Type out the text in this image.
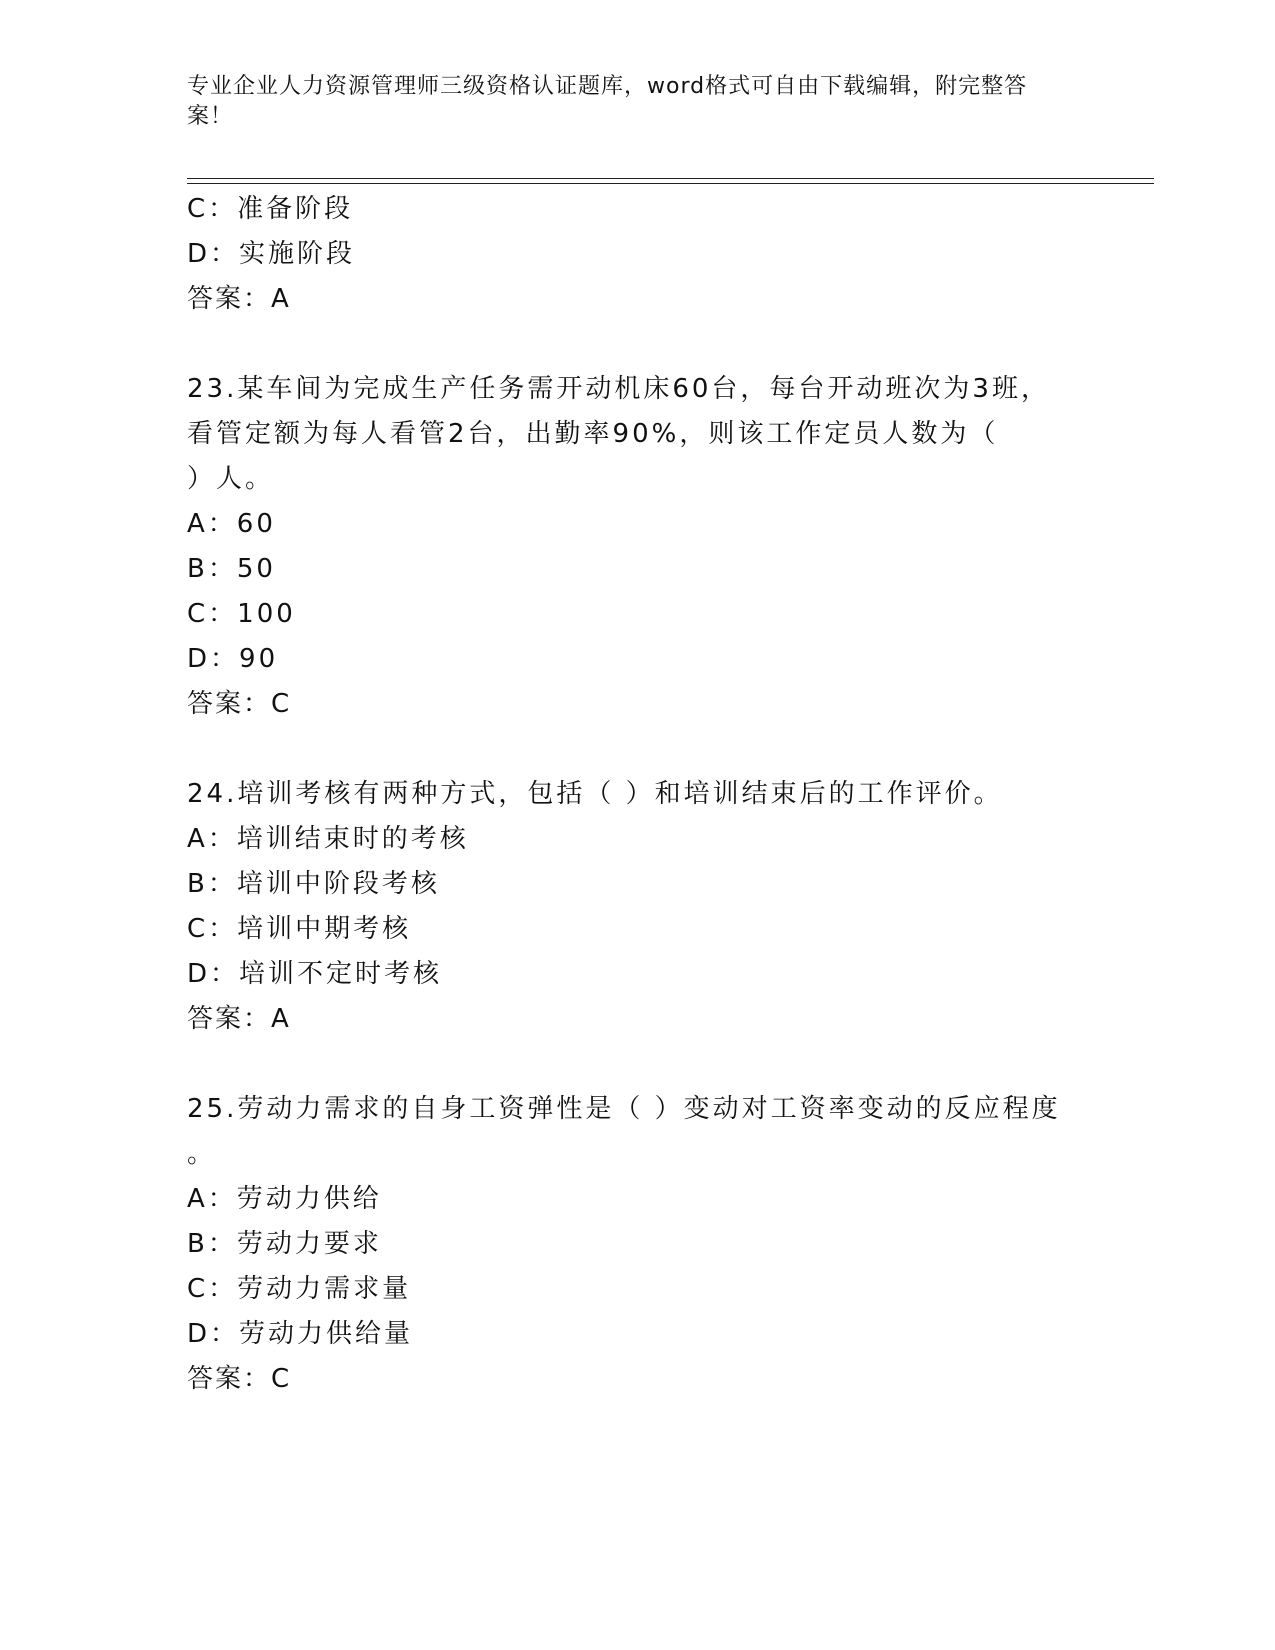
专业企业人力资源管理师三级资格认证题库，word格式可自由下载编辑，附完整答案！
C：准备阶段
D：实施阶段
答案：A
23.某车间为完成生产任务需开动机床60台，每台开动班次为3班，
看管定额为每人看管2台，出勤率90%，则该工作定员人数为（
）人。
A：60
B：50
C：100
D：90
答案：C
24.培训考核有两种方式，包括（ ）和培训结束后的工作评价。
A：培训结束时的考核
B：培训中阶段考核
C：培训中期考核
D：培训不定时考核
答案：A
25.劳动力需求的自身工资弹性是（ ）变动对工资率变动的反应程度
。
A：劳动力供给
B：劳动力要求
C：劳动力需求量
D：劳动力供给量
答案：C
